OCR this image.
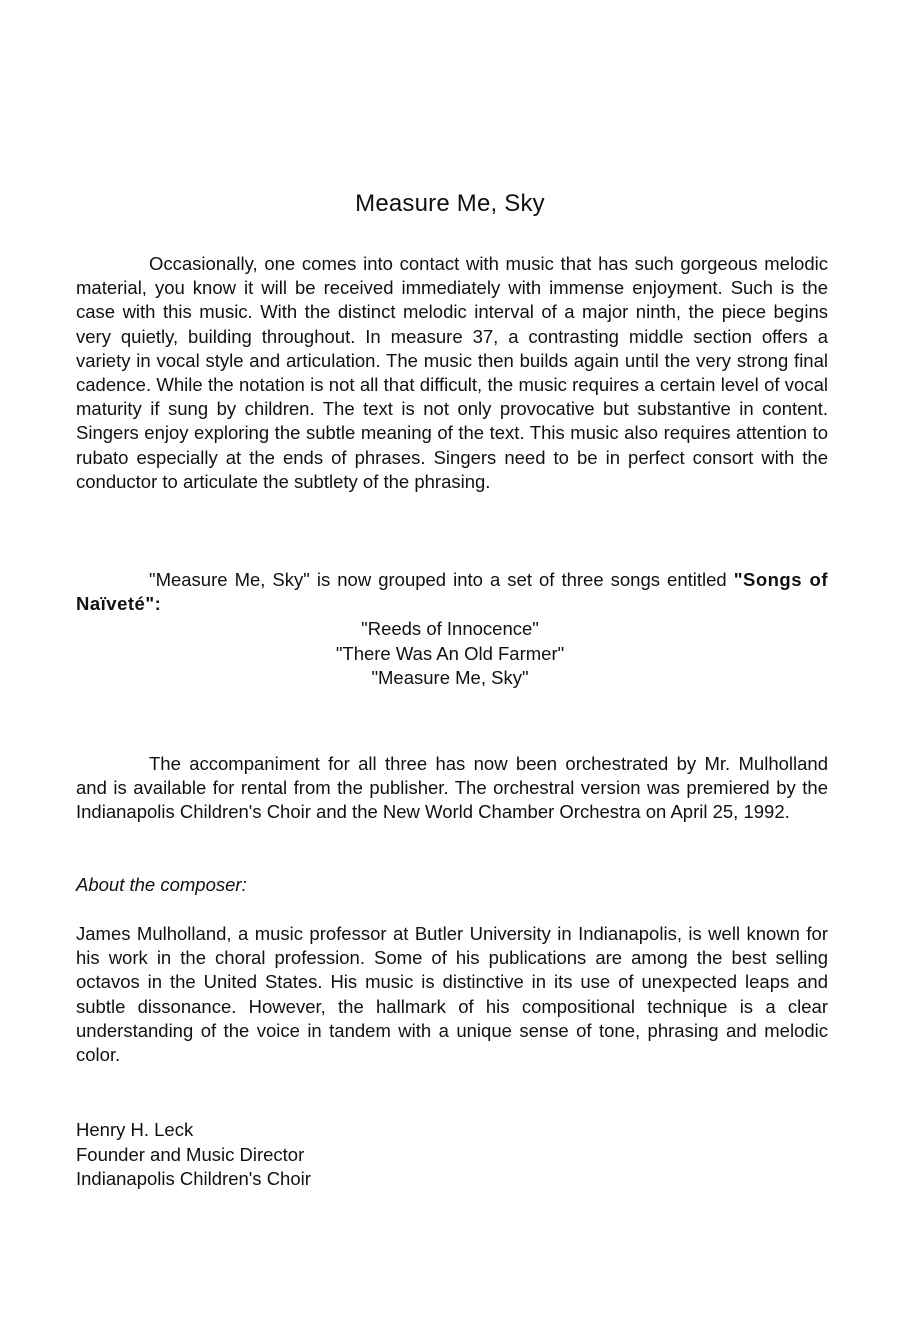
Measure Me, Sky

Occasionally, one comes into contact with music that has such gorgeous melodic material, you know it will be received immediately with immense enjoyment. Such is the case with this music. With the distinct melodic interval of a major ninth, the piece begins very quietly, building throughout. In measure 37, a contrasting middle section offers a variety in vocal style and articulation. The music then builds again until the very strong final cadence. While the notation is not all that difficult, the music requires a certain level of vocal maturity if sung by children. The text is not only provocative but substantive in content. Singers enjoy exploring the subtle meaning of the text. This music also requires attention to rubato especially at the ends of phrases. Singers need to be in perfect consort with the conductor to articulate the subtlety of the phrasing.

"Measure Me, Sky" is now grouped into a set of three songs entitled "Songs of Naïveté":

"Reeds of Innocence"
"There Was An Old Farmer"
"Measure Me, Sky"

The accompaniment for all three has now been orchestrated by Mr. Mulholland and is available for rental from the publisher. The orchestral version was premiered by the Indianapolis Children's Choir and the New World Chamber Orchestra on April 25, 1992.

About the composer:

James Mulholland, a music professor at Butler University in Indianapolis, is well known for his work in the choral profession. Some of his publications are among the best selling octavos in the United States. His music is distinctive in its use of unexpected leaps and subtle dissonance. However, the hallmark of his compositional technique is a clear understanding of the voice in tandem with a unique sense of tone, phrasing and melodic color.

Henry H. Leck
Founder and Music Director
Indianapolis Children's Choir
